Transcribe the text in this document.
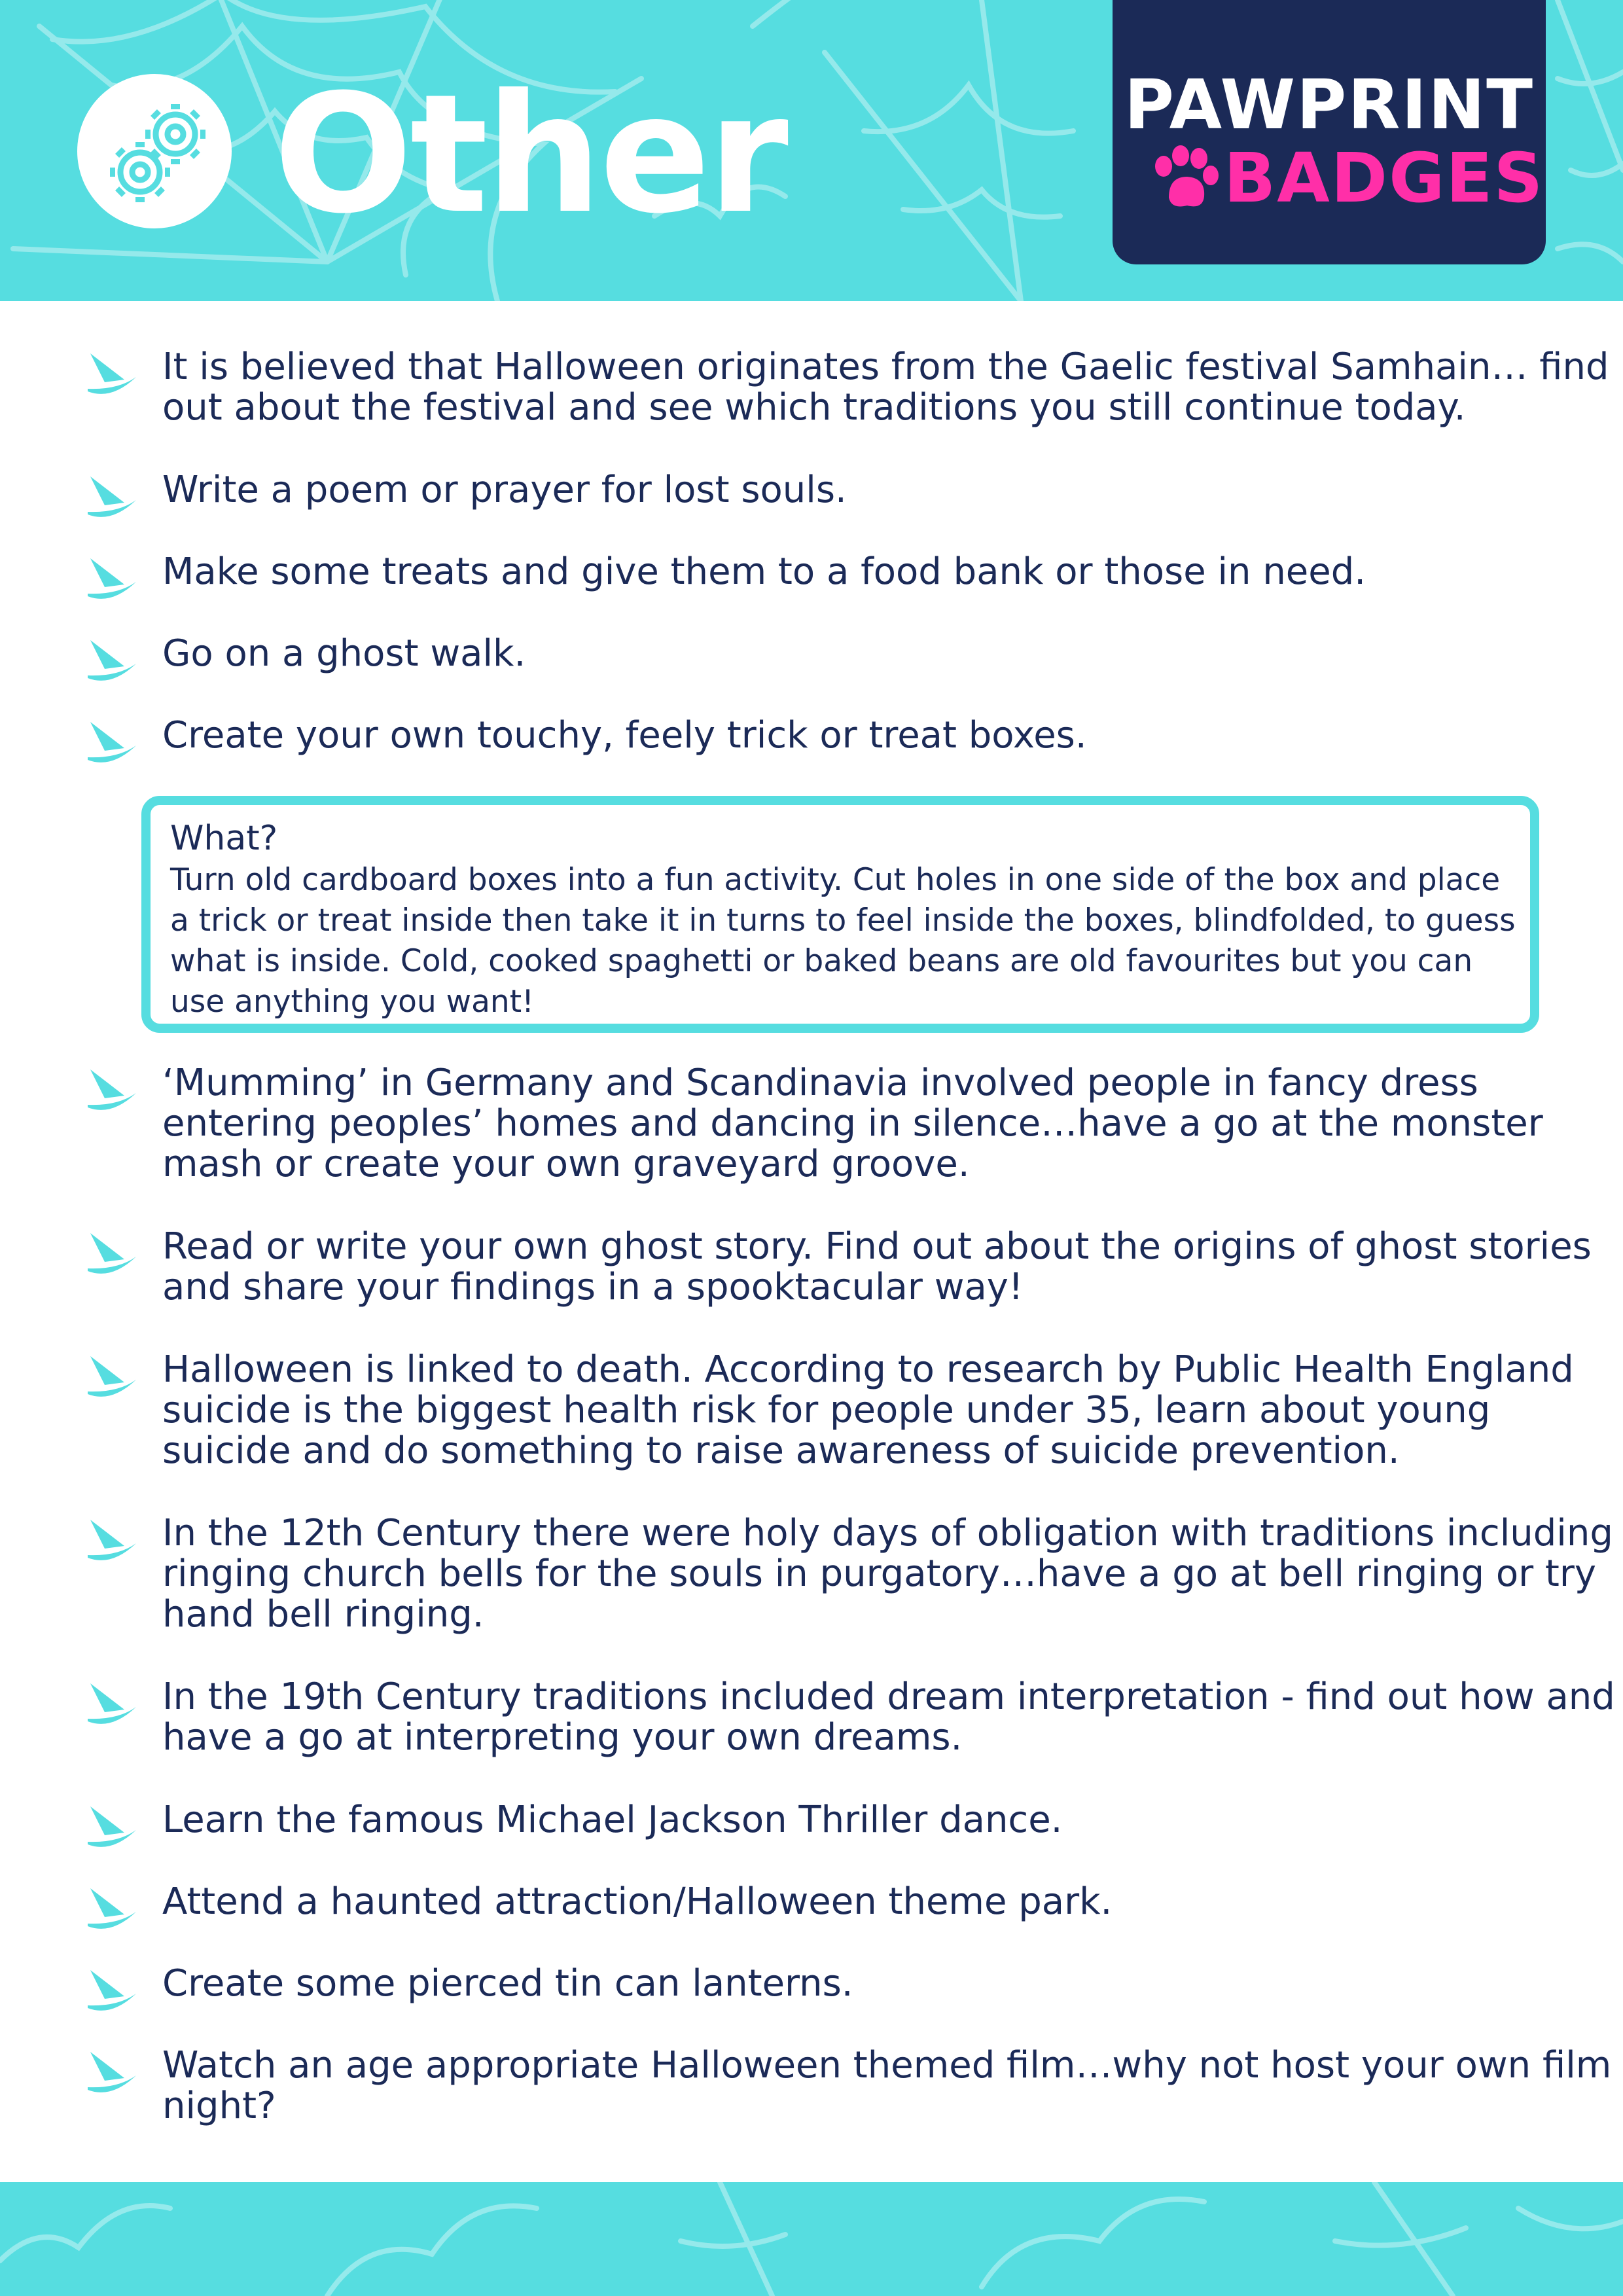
Other	PAWPRINT
BADGES
It is believed that Halloween originates from the Gaelic festival Samhain… find out about the festival and see which traditions you still continue today.
Write a poem or prayer for lost souls.
Make some treats and give them to a food bank or those in need.
Go on a ghost walk.
Create your own touchy, feely trick or treat boxes.
What?
Turn old cardboard boxes into a fun activity. Cut holes in one side of the box and place a trick or treat inside then take it in turns to feel inside the boxes, blindfolded, to guess what is inside. Cold, cooked spaghetti or baked beans are old favourites but you can use anything you want!
‘Mumming’ in Germany and Scandinavia involved people in fancy dress entering peoples’ homes and dancing in silence…have a go at the monster mash or create your own graveyard groove.
Read or write your own ghost story. Find out about the origins of ghost stories and share your findings in a spooktacular way!
Halloween is linked to death. According to research by Public Health England suicide is the biggest health risk for people under 35, learn about young suicide and do something to raise awareness of suicide prevention.
In the 12th Century there were holy days of obligation with traditions including ringing church bells for the souls in purgatory…have a go at bell ringing or try hand bell ringing.
In the 19th Century traditions included dream interpretation - find out how and have a go at interpreting your own dreams.
Learn the famous Michael Jackson Thriller dance.
Attend a haunted attraction/Halloween theme park.
Create some pierced tin can lanterns.
Watch an age appropriate Halloween themed film…why not host your own film night?
